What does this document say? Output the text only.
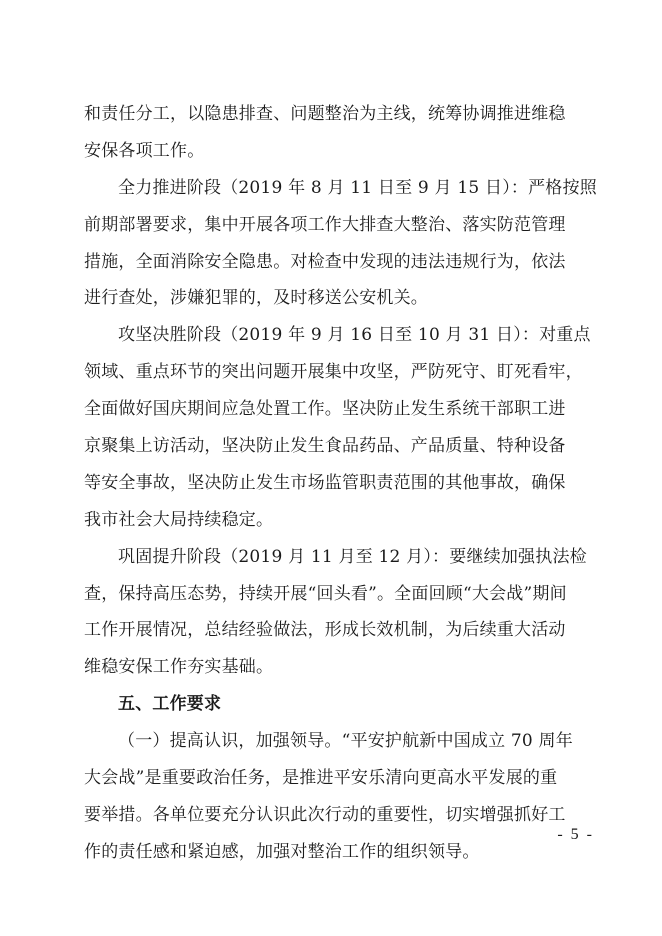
和责任分工，以隐患排查、问题整治为主线，统筹协调推进维稳
安保各项工作。
全力推进阶段（2019 年 8 月 11 日至 9 月 15 日）：严格按照
前期部署要求，集中开展各项工作大排查大整治、落实防范管理
措施，全面消除安全隐患。对检查中发现的违法违规行为，依法
进行查处，涉嫌犯罪的，及时移送公安机关。
攻坚决胜阶段（2019 年 9 月 16 日至 10 月 31 日）：对重点
领域、重点环节的突出问题开展集中攻坚，严防死守、盯死看牢，
全面做好国庆期间应急处置工作。坚决防止发生系统干部职工进
京聚集上访活动，坚决防止发生食品药品、产品质量、特种设备
等安全事故，坚决防止发生市场监管职责范围的其他事故，确保
我市社会大局持续稳定。
巩固提升阶段（2019 月 11 月至 12 月）：要继续加强执法检
查，保持高压态势，持续开展“回头看”。全面回顾“大会战”期间
工作开展情况，总结经验做法，形成长效机制，为后续重大活动
维稳安保工作夯实基础。
五、工作要求
（一）提高认识，加强领导。“平安护航新中国成立 70 周年
大会战”是重要政治任务，是推进平安乐清向更高水平发展的重
要举措。各单位要充分认识此次行动的重要性，切实增强抓好工
作的责任感和紧迫感，加强对整治工作的组织领导。
- 5 -
